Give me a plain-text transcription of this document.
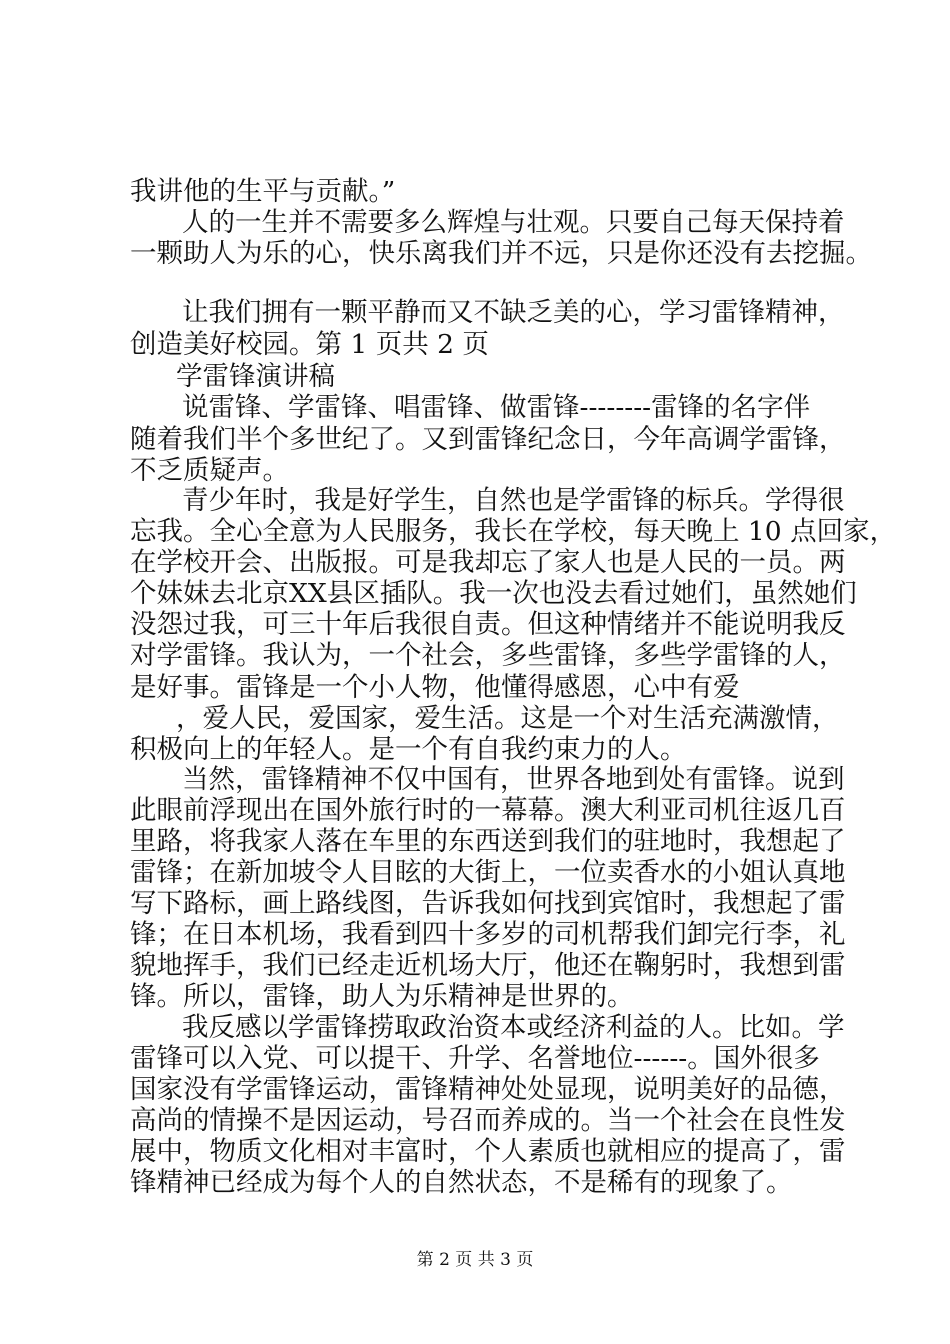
我讲他的生平与贡献。”
人的一生并不需要多么辉煌与壮观。只要自己每天保持着
一颗助人为乐的心，快乐离我们并不远，只是你还没有去挖掘。
让我们拥有一颗平静而又不缺乏美的心，学习雷锋精神，
创造美好校园。第 1 页共 2 页
学雷锋演讲稿
说雷锋、学雷锋、唱雷锋、做雷锋--------雷锋的名字伴
随着我们半个多世纪了。又到雷锋纪念日，今年高调学雷锋，
不乏质疑声。
青少年时，我是好学生，自然也是学雷锋的标兵。学得很
忘我。全心全意为人民服务，我长在学校，每天晚上 10 点回家，
在学校开会、出版报。可是我却忘了家人也是人民的一员。两
个妹妹去北京XX县区插队。我一次也没去看过她们，虽然她们
没怨过我，可三十年后我很自责。但这种情绪并不能说明我反
对学雷锋。我认为，一个社会，多些雷锋，多些学雷锋的人，
是好事。雷锋是一个小人物，他懂得感恩，心中有爱
，爱人民，爱国家，爱生活。这是一个对生活充满激情，
积极向上的年轻人。是一个有自我约束力的人。
当然，雷锋精神不仅中国有，世界各地到处有雷锋。说到
此眼前浮现出在国外旅行时的一幕幕。澳大利亚司机往返几百
里路，将我家人落在车里的东西送到我们的驻地时，我想起了
雷锋；在新加坡令人目眩的大街上，一位卖香水的小姐认真地
写下路标，画上路线图，告诉我如何找到宾馆时，我想起了雷
锋；在日本机场，我看到四十多岁的司机帮我们卸完行李，礼
貌地挥手，我们已经走近机场大厅，他还在鞠躬时，我想到雷
锋。所以，雷锋，助人为乐精神是世界的。
我反感以学雷锋捞取政治资本或经济利益的人。比如。学
雷锋可以入党、可以提干、升学、名誉地位------。国外很多
国家没有学雷锋运动，雷锋精神处处显现，说明美好的品德，
高尚的情操不是因运动，号召而养成的。当一个社会在良性发
展中，物质文化相对丰富时，个人素质也就相应的提高了，雷
锋精神已经成为每个人的自然状态，不是稀有的现象了。
第 2 页 共 3 页
